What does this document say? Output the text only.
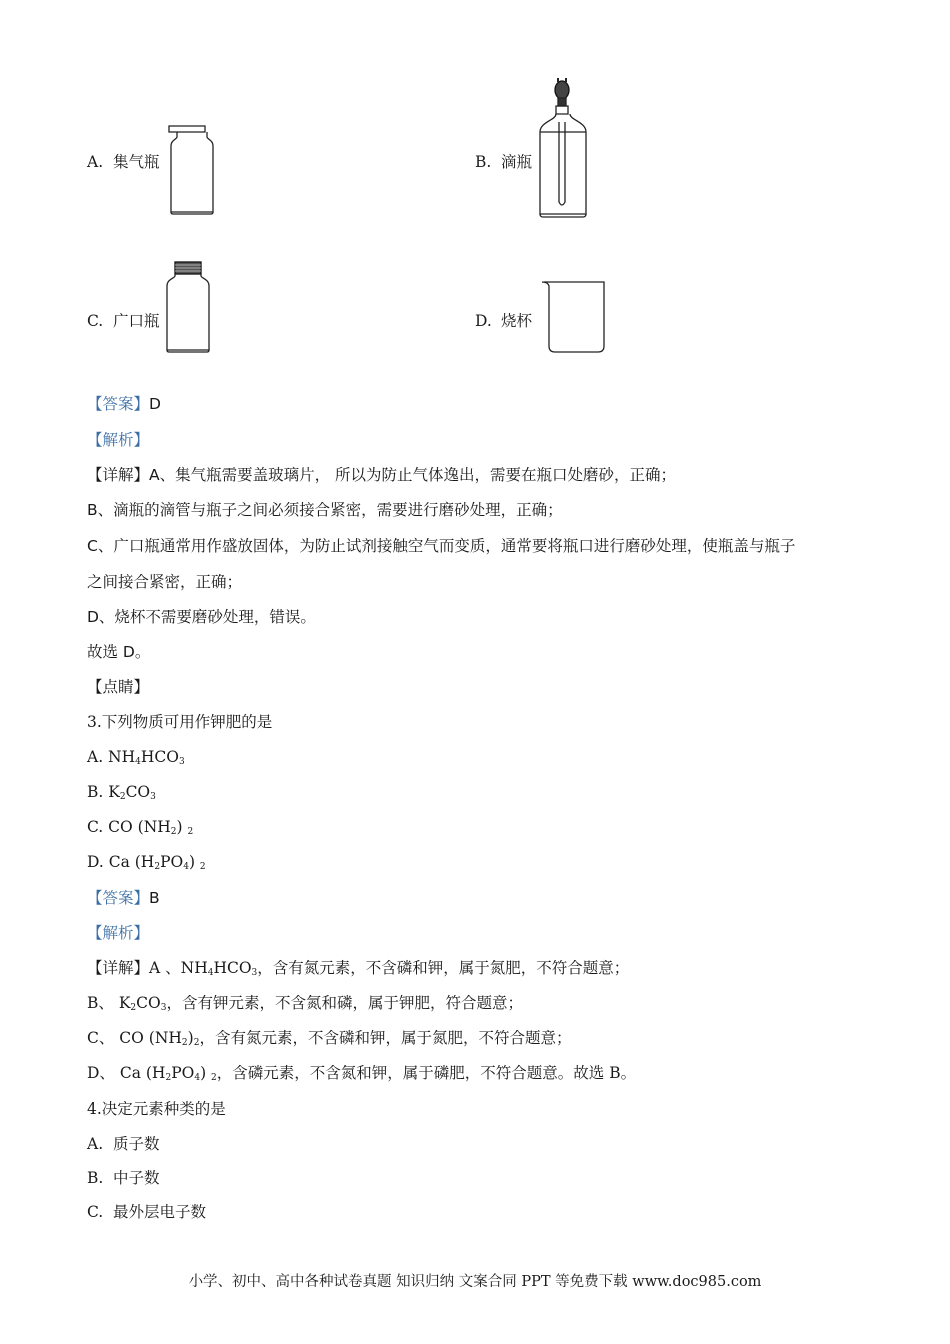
A. 集气瓶	B. 滴瓶
C. 广口瓶	D. 烧杯
【答案】D
【解析】
【详解】A、集气瓶需要盖玻璃片， 所以为防止气体逸出，需要在瓶口处磨砂，正确；
B、滴瓶的滴管与瓶子之间必须接合紧密，需要进行磨砂处理，正确；
C、广口瓶通常用作盛放固体，为防止试剂接触空气而变质，通常要将瓶口进行磨砂处理，使瓶盖与瓶子
之间接合紧密，正确；
D、烧杯不需要磨砂处理，错误。
故选 D。
【点睛】
3.下列物质可用作钾肥的是
A. $NH_4HCO_3$
B. $K_2CO_3$
C. CO $(NH_2)$ $_2$
D. Ca $(H_2PO_4)$ $_2$
【答案】B
【解析】
【详解】A 、$NH_4HCO_3$，含有氮元素，不含磷和钾，属于氮肥，不符合题意；
B、 $K_2CO_3$，含有钾元素，不含氮和磷，属于钾肥，符合题意；
C、 CO $(NH_2)_2$，含有氮元素，不含磷和钾，属于氮肥，不符合题意；
D、 Ca $(H_2PO_4)$ $_2$，含磷元素，不含氮和钾，属于磷肥，不符合题意。故选 B。
4.决定元素种类的是
A. 质子数
B. 中子数
C. 最外层电子数
小学、初中、高中各种试卷真题 知识归纳 文案合同 PPT 等免费下载 www.doc985.com
